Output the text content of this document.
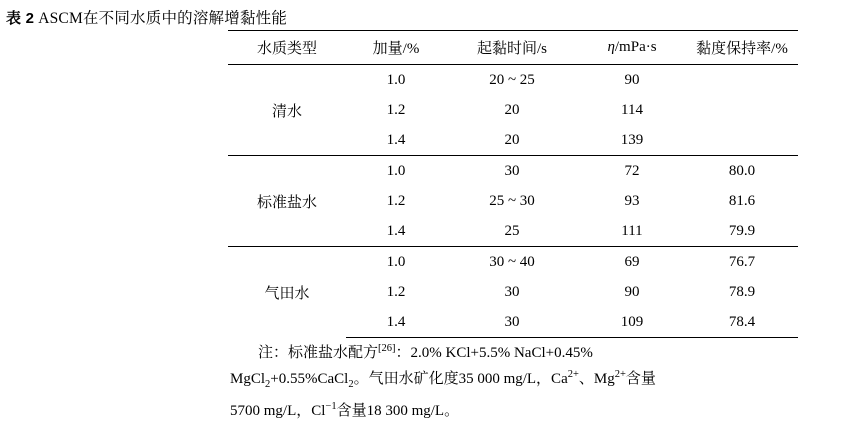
表 2 ASCM在不同水质中的溶解增黏性能
水质类型	加量/%	起黏时间/s	η/mPa·s	黏度保持率/%
清水	1.0	20 ~ 25	90	
	1.2	20	114	
	1.4	20	139	
标准盐水	1.0	30	72	80.0
	1.2	25 ~ 30	93	81.6
	1.4	25	111	79.9
气田水	1.0	30 ~ 40	69	76.7
	1.2	30	90	78.9
	1.4	30	109	78.4
注：标准盐水配方[26]：2.0% KCl+5.5% NaCl+0.45%
MgCl$_2$+0.55%CaCl$_2$。气田水矿化度35 000 mg/L，$Ca^{2+}$、$Mg^{2+}$含量
5700 mg/L，$Cl^{-1}$含量18 300 mg/L。
